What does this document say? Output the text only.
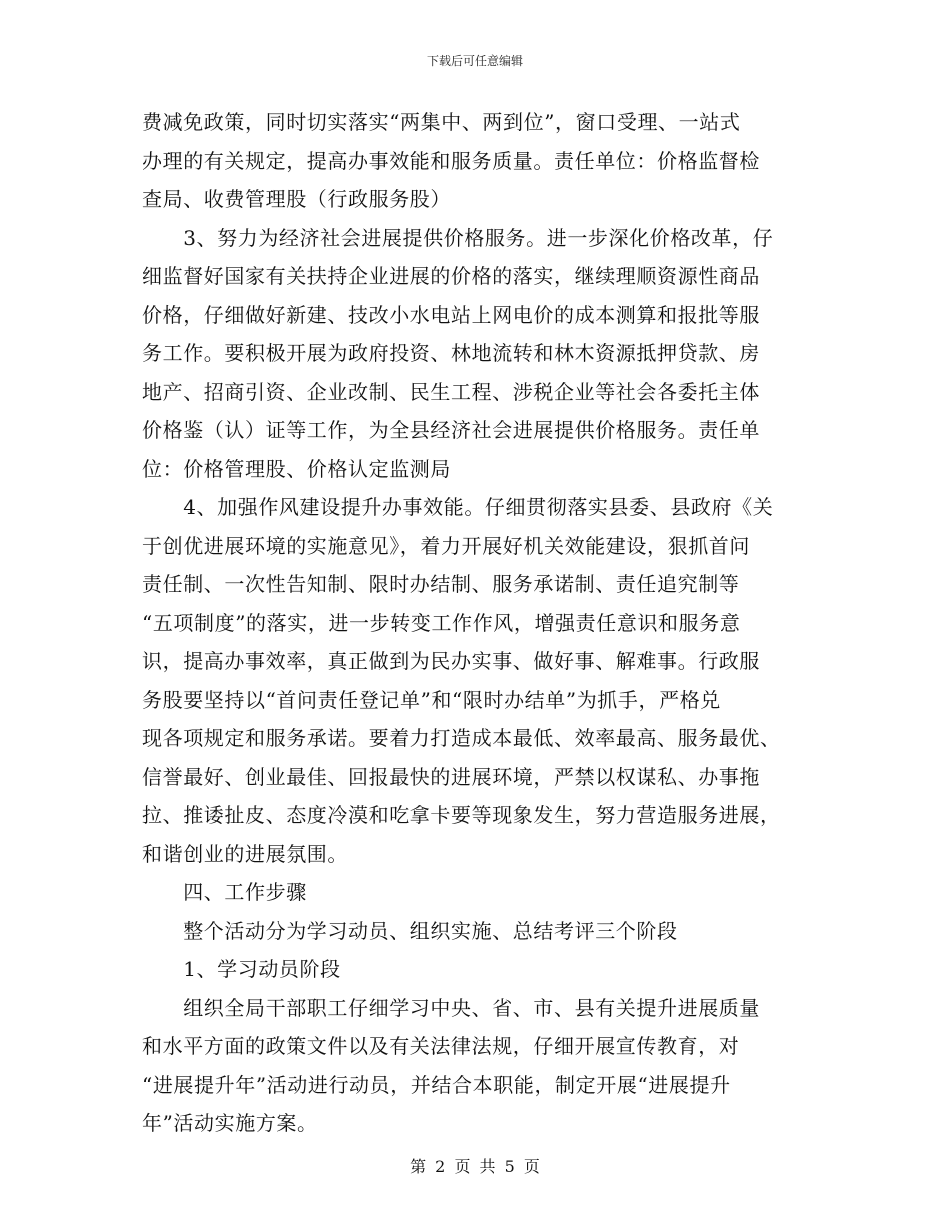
下载后可任意编辑

费减免政策，同时切实落实“两集中、两到位”，窗口受理、一站式

办理的有关规定，提高办事效能和服务质量。责任单位：价格监督检

查局、收费管理股（行政服务股）

　　3、努力为经济社会进展提供价格服务。进一步深化价格改革，仔

细监督好国家有关扶持企业进展的价格的落实，继续理顺资源性商品

价格，仔细做好新建、技改小水电站上网电价的成本测算和报批等服

务工作。要积极开展为政府投资、林地流转和林木资源抵押贷款、房

地产、招商引资、企业改制、民生工程、涉税企业等社会各委托主体

价格鉴（认）证等工作，为全县经济社会进展提供价格服务。责任单

位：价格管理股、价格认定监测局

　　4、加强作风建设提升办事效能。仔细贯彻落实县委、县政府《关

于创优进展环境的实施意见》，着力开展好机关效能建设，狠抓首问

责任制、一次性告知制、限时办结制、服务承诺制、责任追究制等

“五项制度”的落实，进一步转变工作作风，增强责任意识和服务意

识，提高办事效率，真正做到为民办实事、做好事、解难事。行政服

务股要坚持以“首问责任登记单”和“限时办结单”为抓手，严格兑

现各项规定和服务承诺。要着力打造成本最低、效率最高、服务最优、

信誉最好、创业最佳、回报最快的进展环境，严禁以权谋私、办事拖

拉、推诿扯皮、态度冷漠和吃拿卡要等现象发生，努力营造服务进展，

和谐创业的进展氛围。

　　四、工作步骤

　　整个活动分为学习动员、组织实施、总结考评三个阶段

　　1、学习动员阶段

　　组织全局干部职工仔细学习中央、省、市、县有关提升进展质量

和水平方面的政策文件以及有关法律法规，仔细开展宣传教育，对

“进展提升年”活动进行动员，并结合本职能，制定开展“进展提升

年”活动实施方案。

第 2 页 共 5 页
